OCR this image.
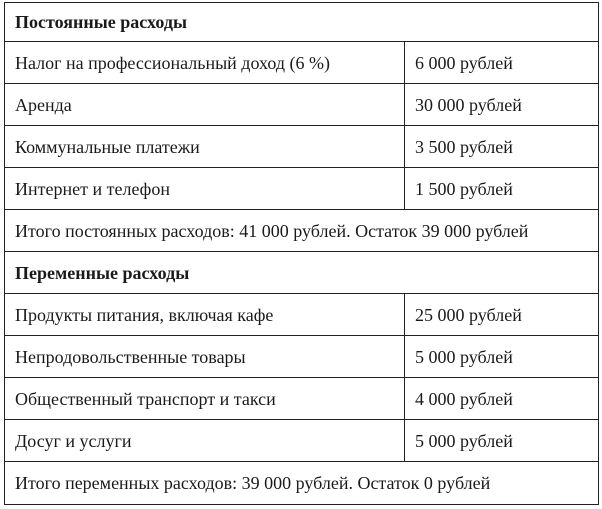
Постоянные расходы	
Налог на профессиональный доход (6 %)	6 000 рублей
Аренда	30 000 рублей
Коммунальные платежи	3 500 рублей
Интернет и телефон	1 500 рублей
Итого постоянных расходов: 41 000 рублей. Остаток 39 000 рублей	
Переменные расходы	
Продукты питания, включая кафе	25 000 рублей
Непродовольственные товары	5 000 рублей
Общественный транспорт и такси	4 000 рублей
Досуг и услуги	5 000 рублей
Итого переменных расходов: 39 000 рублей. Остаток 0 рублей	
